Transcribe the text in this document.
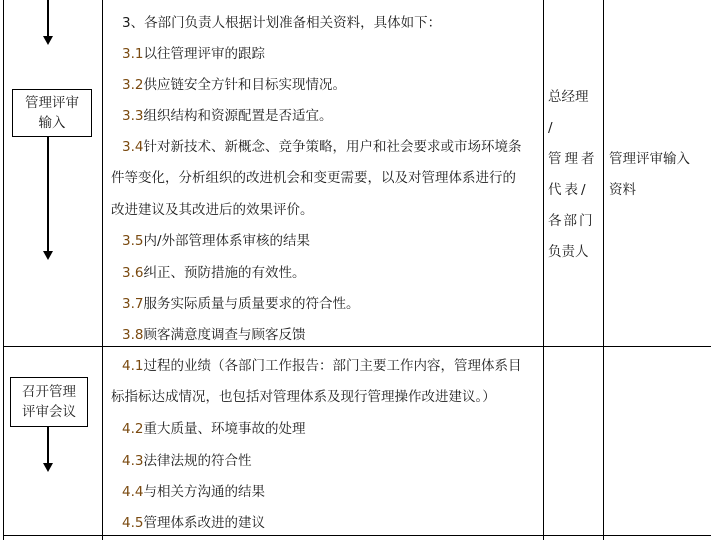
管理评审
输入
3、各部门负责人根据计划准备相关资料，具体如下：
3.1以往管理评审的跟踪
3.2供应链安全方针和目标实现情况。
3.3组织结构和资源配置是否适宜。
3.4针对新技术、新概念、竞争策略，用户和社会要求或市场环境条
件等变化，分析组织的改进机会和变更需要，以及对管理体系进行的
改进建议及其改进后的效果评价。
3.5内/外部管理体系审核的结果
3.6纠正、预防措施的有效性。
3.7服务实际质量与质量要求的符合性。
3.8顾客满意度调查与顾客反馈
总经理
/
管理者
代表/
各部门
负责人
管理评审输入
资料
召开管理
评审会议
4.1过程的业绩（各部门工作报告：部门主要工作内容，管理体系目
标指标达成情况，也包括对管理体系及现行管理操作改进建议。）
4.2重大质量、环境事故的处理
4.3法律法规的符合性
4.4与相关方沟通的结果
4.5管理体系改进的建议
